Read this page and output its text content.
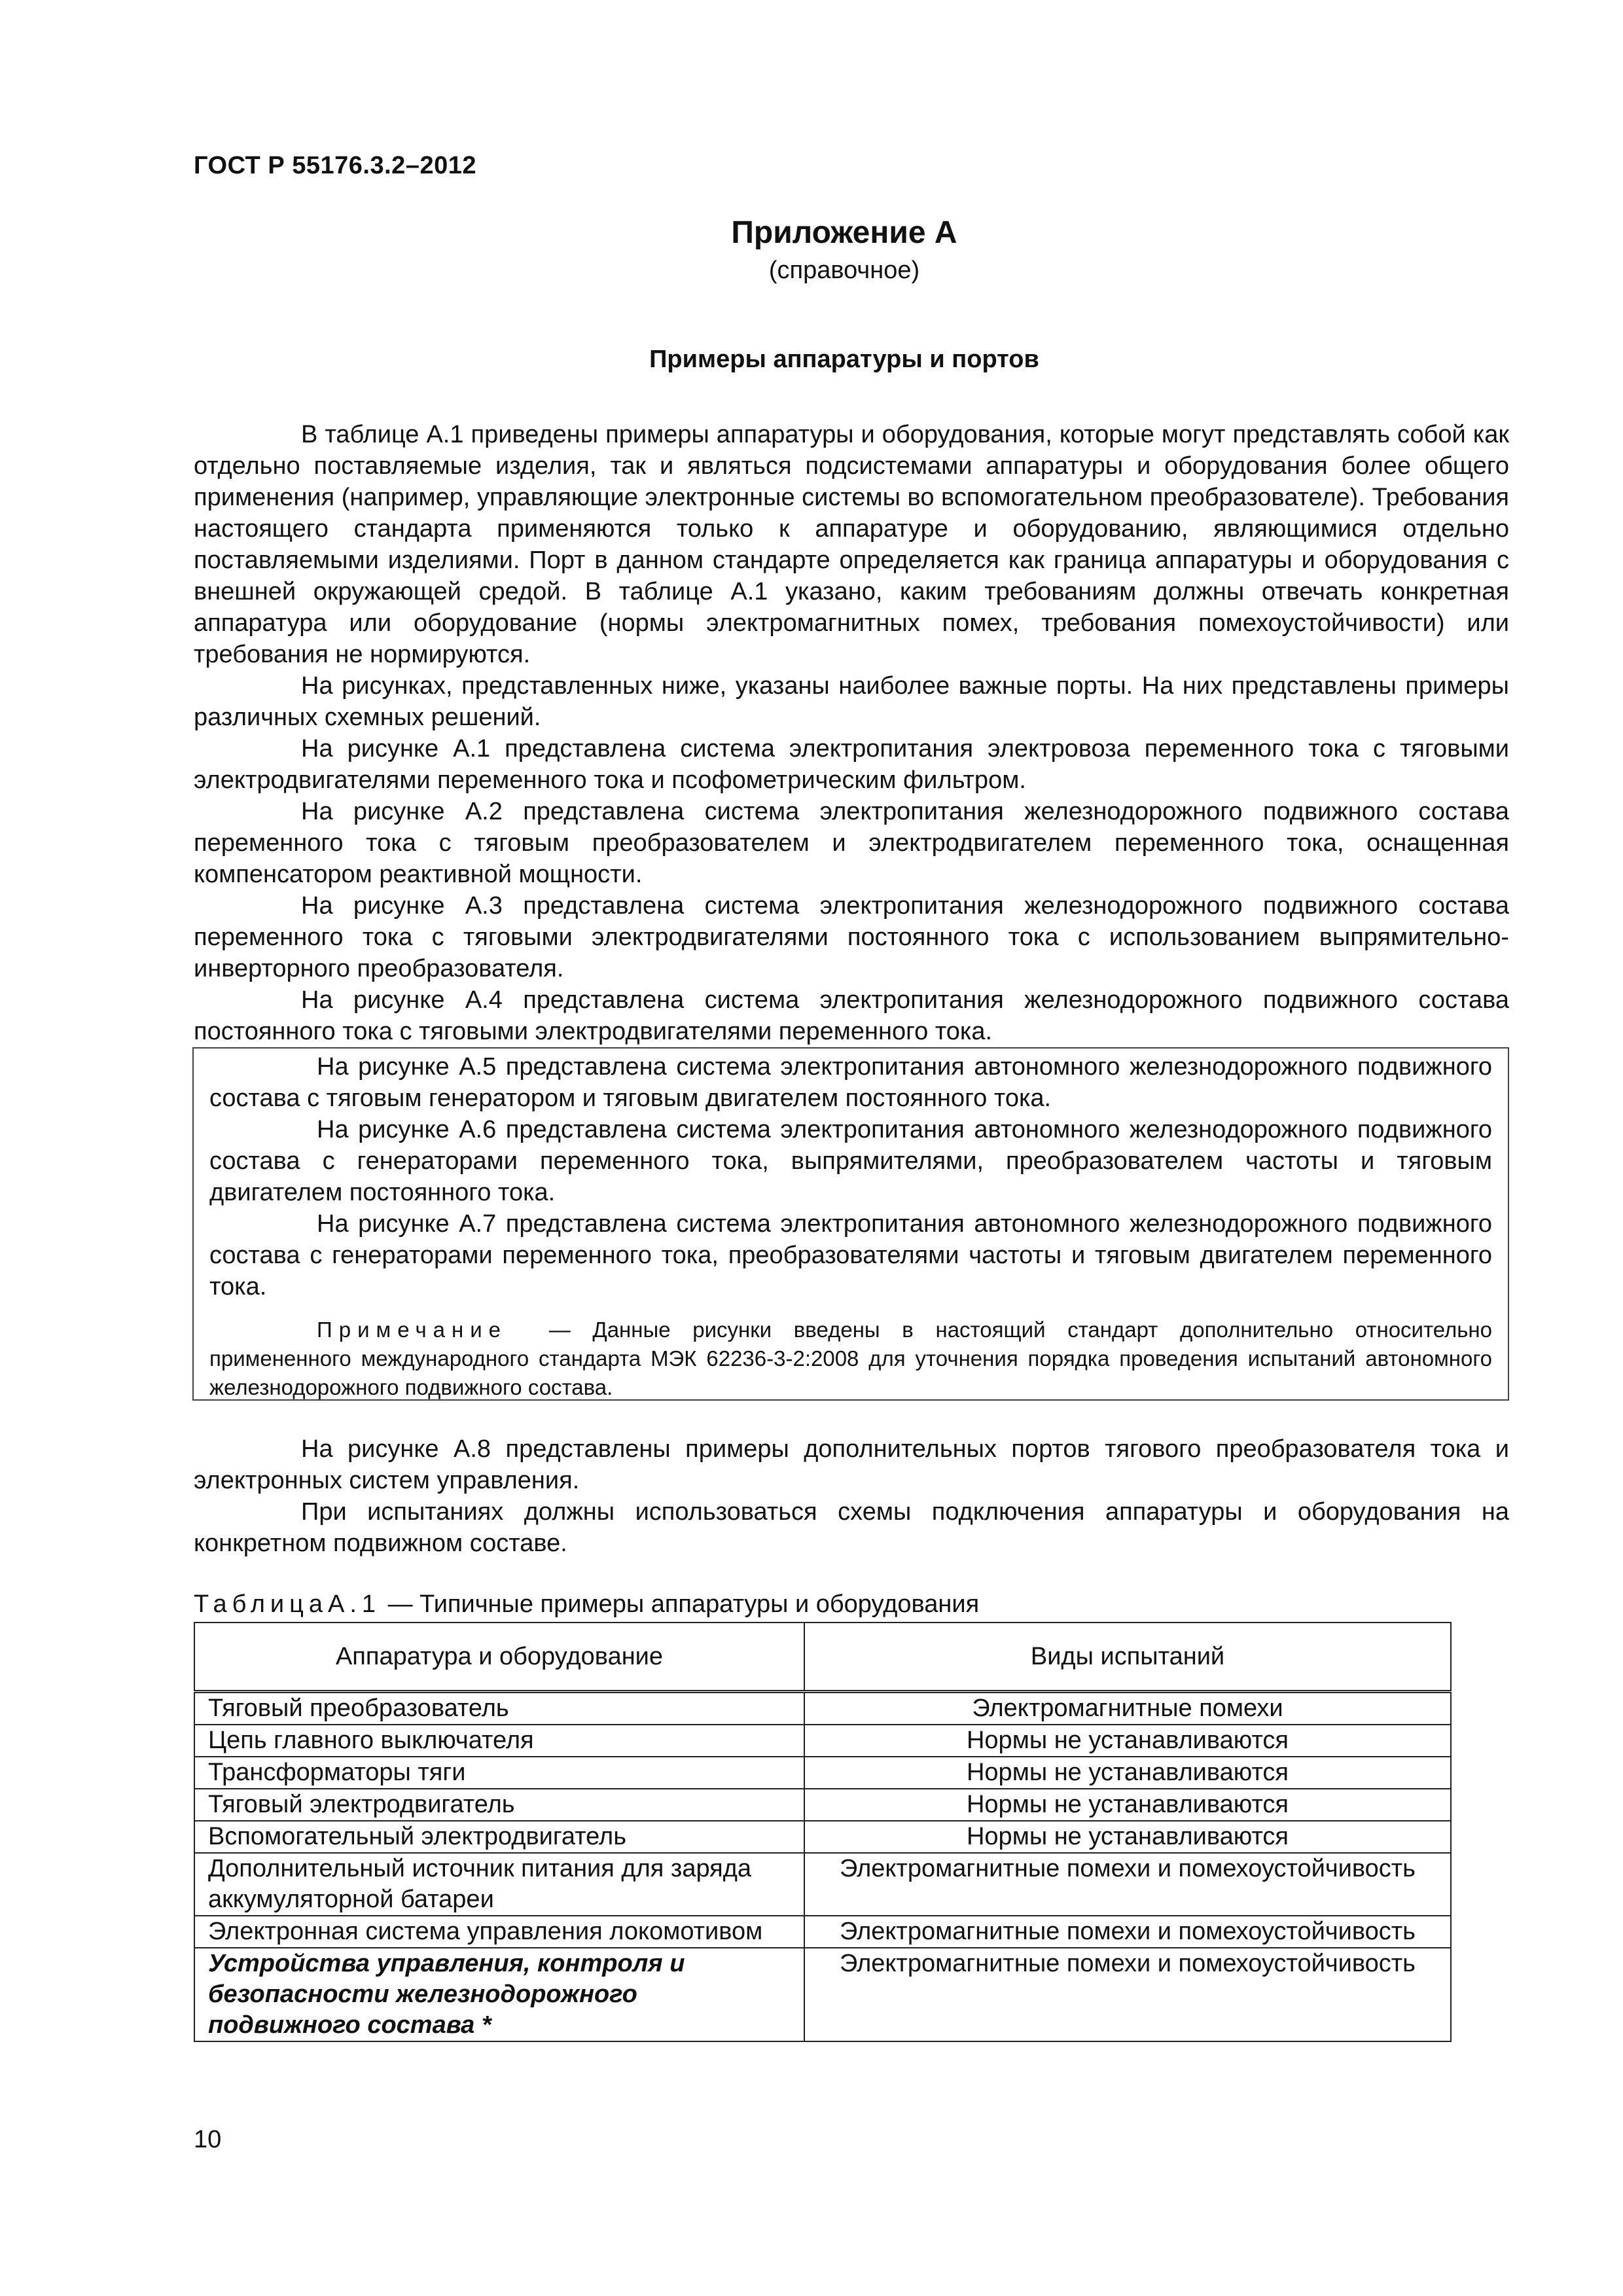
ГОСТ Р 55176.3.2–2012
Приложение А
(справочное)
Примеры аппаратуры и портов

В таблице А.1 приведены примеры аппаратуры и оборудования, которые могут представлять собой как отдельно поставляемые изделия, так и являться подсистемами аппаратуры и оборудования более общего применения (например, управляющие электронные системы во вспомогательном преобразователе). Требования настоящего стандарта применяются только к аппаратуре и оборудованию, являющимися отдельно поставляемыми изделиями. Порт в данном стандарте определяется как граница аппаратуры и оборудования с внешней окружающей средой. В таблице А.1 указано, каким требованиям должны отвечать конкретная аппаратура или оборудование (нормы электромагнитных помех, требования помехоустойчивости) или требования не нормируются.

На рисунках, представленных ниже, указаны наиболее важные порты. На них представлены примеры различных схемных решений.

На рисунке А.1 представлена система электропитания электровоза переменного тока с тяговыми электродвигателями переменного тока и псофометрическим фильтром.

На рисунке А.2 представлена система электропитания железнодорожного подвижного состава переменного тока с тяговым преобразователем и электродвигателем переменного тока, оснащенная компенсатором реактивной мощности.

На рисунке А.3 представлена система электропитания железнодорожного подвижного состава переменного тока с тяговыми электродвигателями постоянного тока с использованием выпрямительно- инверторного преобразователя.

На рисунке А.4 представлена система электропитания железнодорожного подвижного состава постоянного тока с тяговыми электродвигателями переменного тока.

На рисунке А.5 представлена система электропитания автономного железнодорожного подвижного состава с тяговым генератором и тяговым двигателем постоянного тока.

На рисунке А.6 представлена система электропитания автономного железнодорожного подвижного состава с генераторами переменного тока, выпрямителями, преобразователем частоты и тяговым двигателем постоянного тока.

На рисунке А.7 представлена система электропитания автономного железнодорожного подвижного состава с генераторами переменного тока, преобразователями частоты и тяговым двигателем переменного тока.

Примечание — Данные рисунки введены в настоящий стандарт дополнительно относительно примененного международного стандарта МЭК 62236-3-2:2008 для уточнения порядка проведения испытаний автономного железнодорожного подвижного состава.

На рисунке А.8 представлены примеры дополнительных портов тягового преобразователя тока и электронных систем управления.

При испытаниях должны использоваться схемы подключения аппаратуры и оборудования на конкретном подвижном составе.

ТаблицаА.1 — Типичные примеры аппаратуры и оборудования
Аппаратура и оборудование	Виды испытаний
Тяговый преобразователь	Электромагнитные помехи
Цепь главного выключателя	Нормы не устанавливаются
Трансформаторы тяги	Нормы не устанавливаются
Тяговый электродвигатель	Нормы не устанавливаются
Вспомогательный электродвигатель	Нормы не устанавливаются
Дополнительный источник питания для заряда аккумуляторной батареи	Электромагнитные помехи и помехоустойчивость
Электронная система управления локомотивом	Электромагнитные помехи и помехоустойчивость
Устройства управления, контроля и безопасности железнодорожного подвижного состава *	Электромагнитные помехи и помехоустойчивость
10
